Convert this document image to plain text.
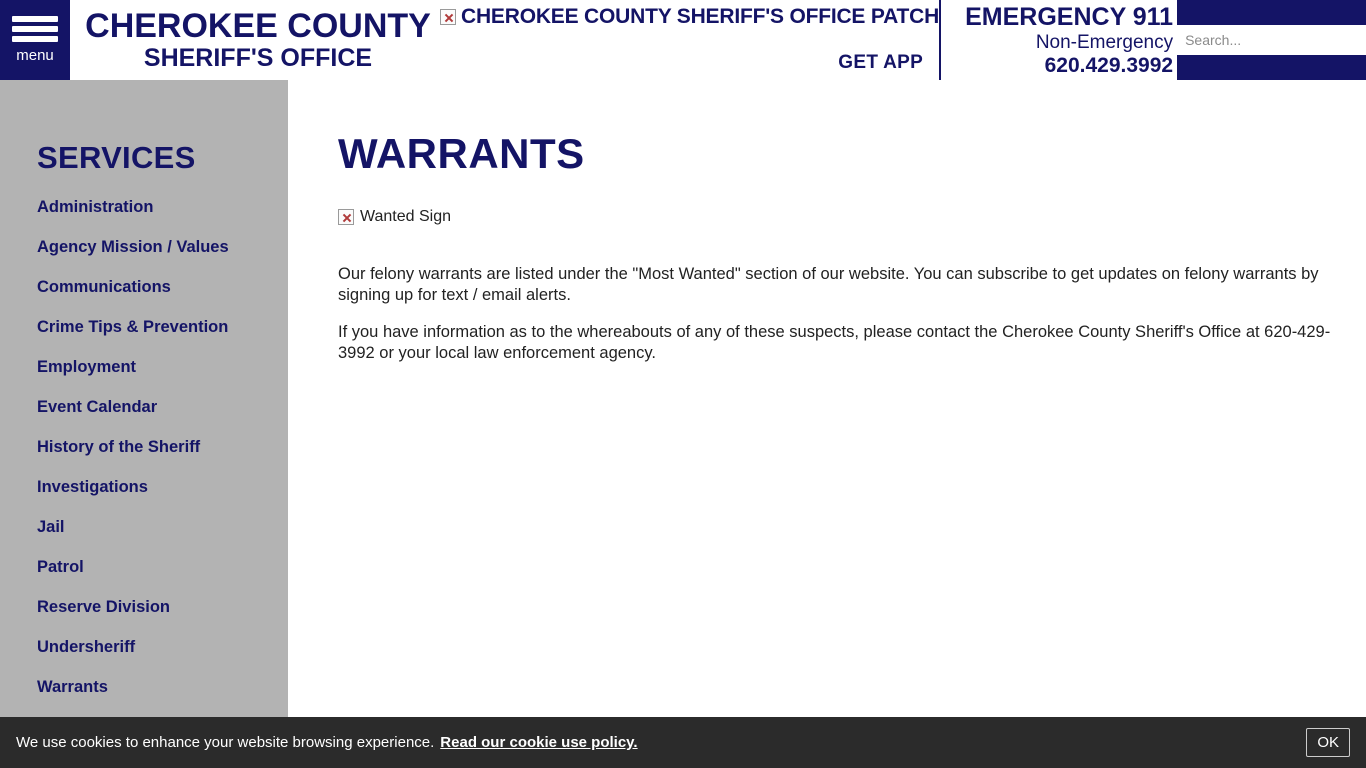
menu
CHEROKEE COUNTY
SHERIFF'S OFFICE
CHEROKEE COUNTY SHERIFF'S OFFICE PATCH
GET APP
EMERGENCY 911
Non-Emergency
620.429.3992
Search...
SERVICES
Administration
Agency Mission / Values
Communications
Crime Tips & Prevention
Employment
Event Calendar
History of the Sheriff
Investigations
Jail
Patrol
Reserve Division
Undersheriff
Warrants
WARRANTS
Wanted Sign

Our felony warrants are listed under the "Most Wanted" section of our website. You can subscribe to get updates on felony warrants by signing up for text / email alerts.

If you have information as to the whereabouts of any of these suspects, please contact the Cherokee County Sheriff's Office at 620-429-3992 or your local law enforcement agency.

We use cookies to enhance your website browsing experience. Read our cookie use policy.	OK
